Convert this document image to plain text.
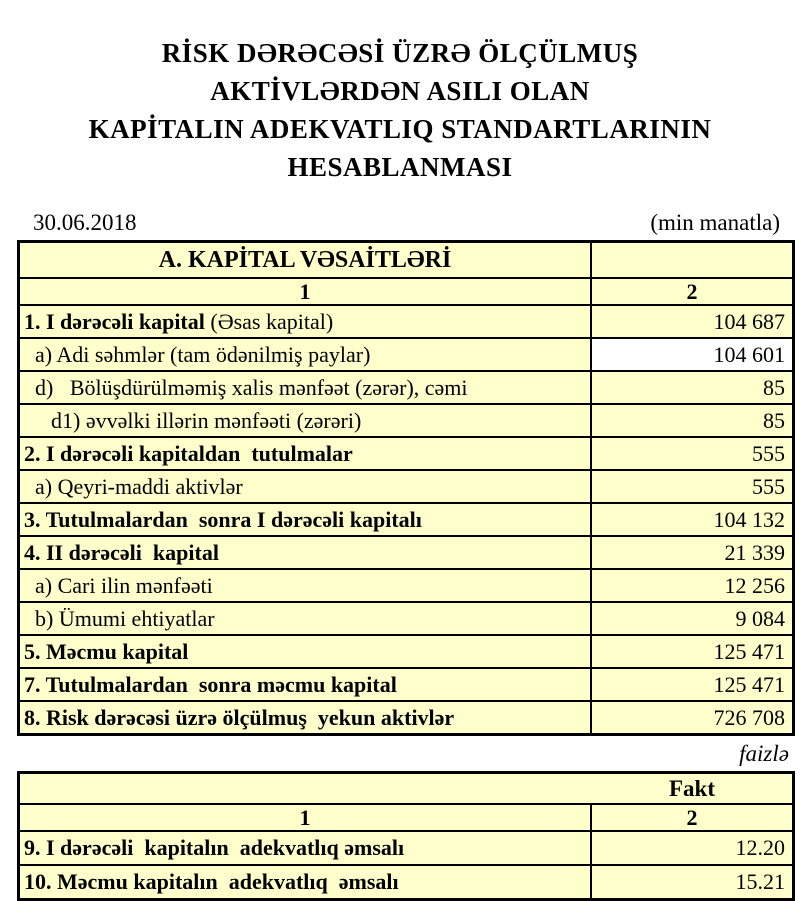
RİSK DƏRƏCƏSİ ÜZRƏ ÖLÇÜLMUŞ
AKTİVLƏRDƏN ASILI OLAN
KAPİTALIN ADEKVATLIQ STANDARTLARININ
HESABLANMASI
30.06.2018	(min manatla)
A. KAPİTAL VƏSAİTLƏRİ
1	2
1. I dərəcəli kapital (Əsas kapital)	104 687
a) Adi səhmlər (tam ödənilmiş paylar)	104 601
d)   Bölüşdürülməmiş xalis mənfəət (zərər), cəmi	85
d1) əvvəlki illərin mənfəəti (zərəri)	85
2. I dərəcəli kapitaldan  tutulmalar	555
a) Qeyri-maddi aktivlər	555
3. Tutulmalardan  sonra I dərəcəli kapitalı	104 132
4. II dərəcəli  kapital	21 339
a) Cari ilin mənfəəti	12 256
b) Ümumi ehtiyatlar	9 084
5. Məcmu kapital	125 471
7. Tutulmalardan  sonra məcmu kapital	125 471
8. Risk dərəcəsi üzrə ölçülmuş  yekun aktivlər	726 708
faizlə
Fakt
1	2
9. I dərəcəli  kapitalın  adekvatlıq əmsalı	12.20
10. Məcmu kapitalın  adekvatlıq  əmsalı	15.21
